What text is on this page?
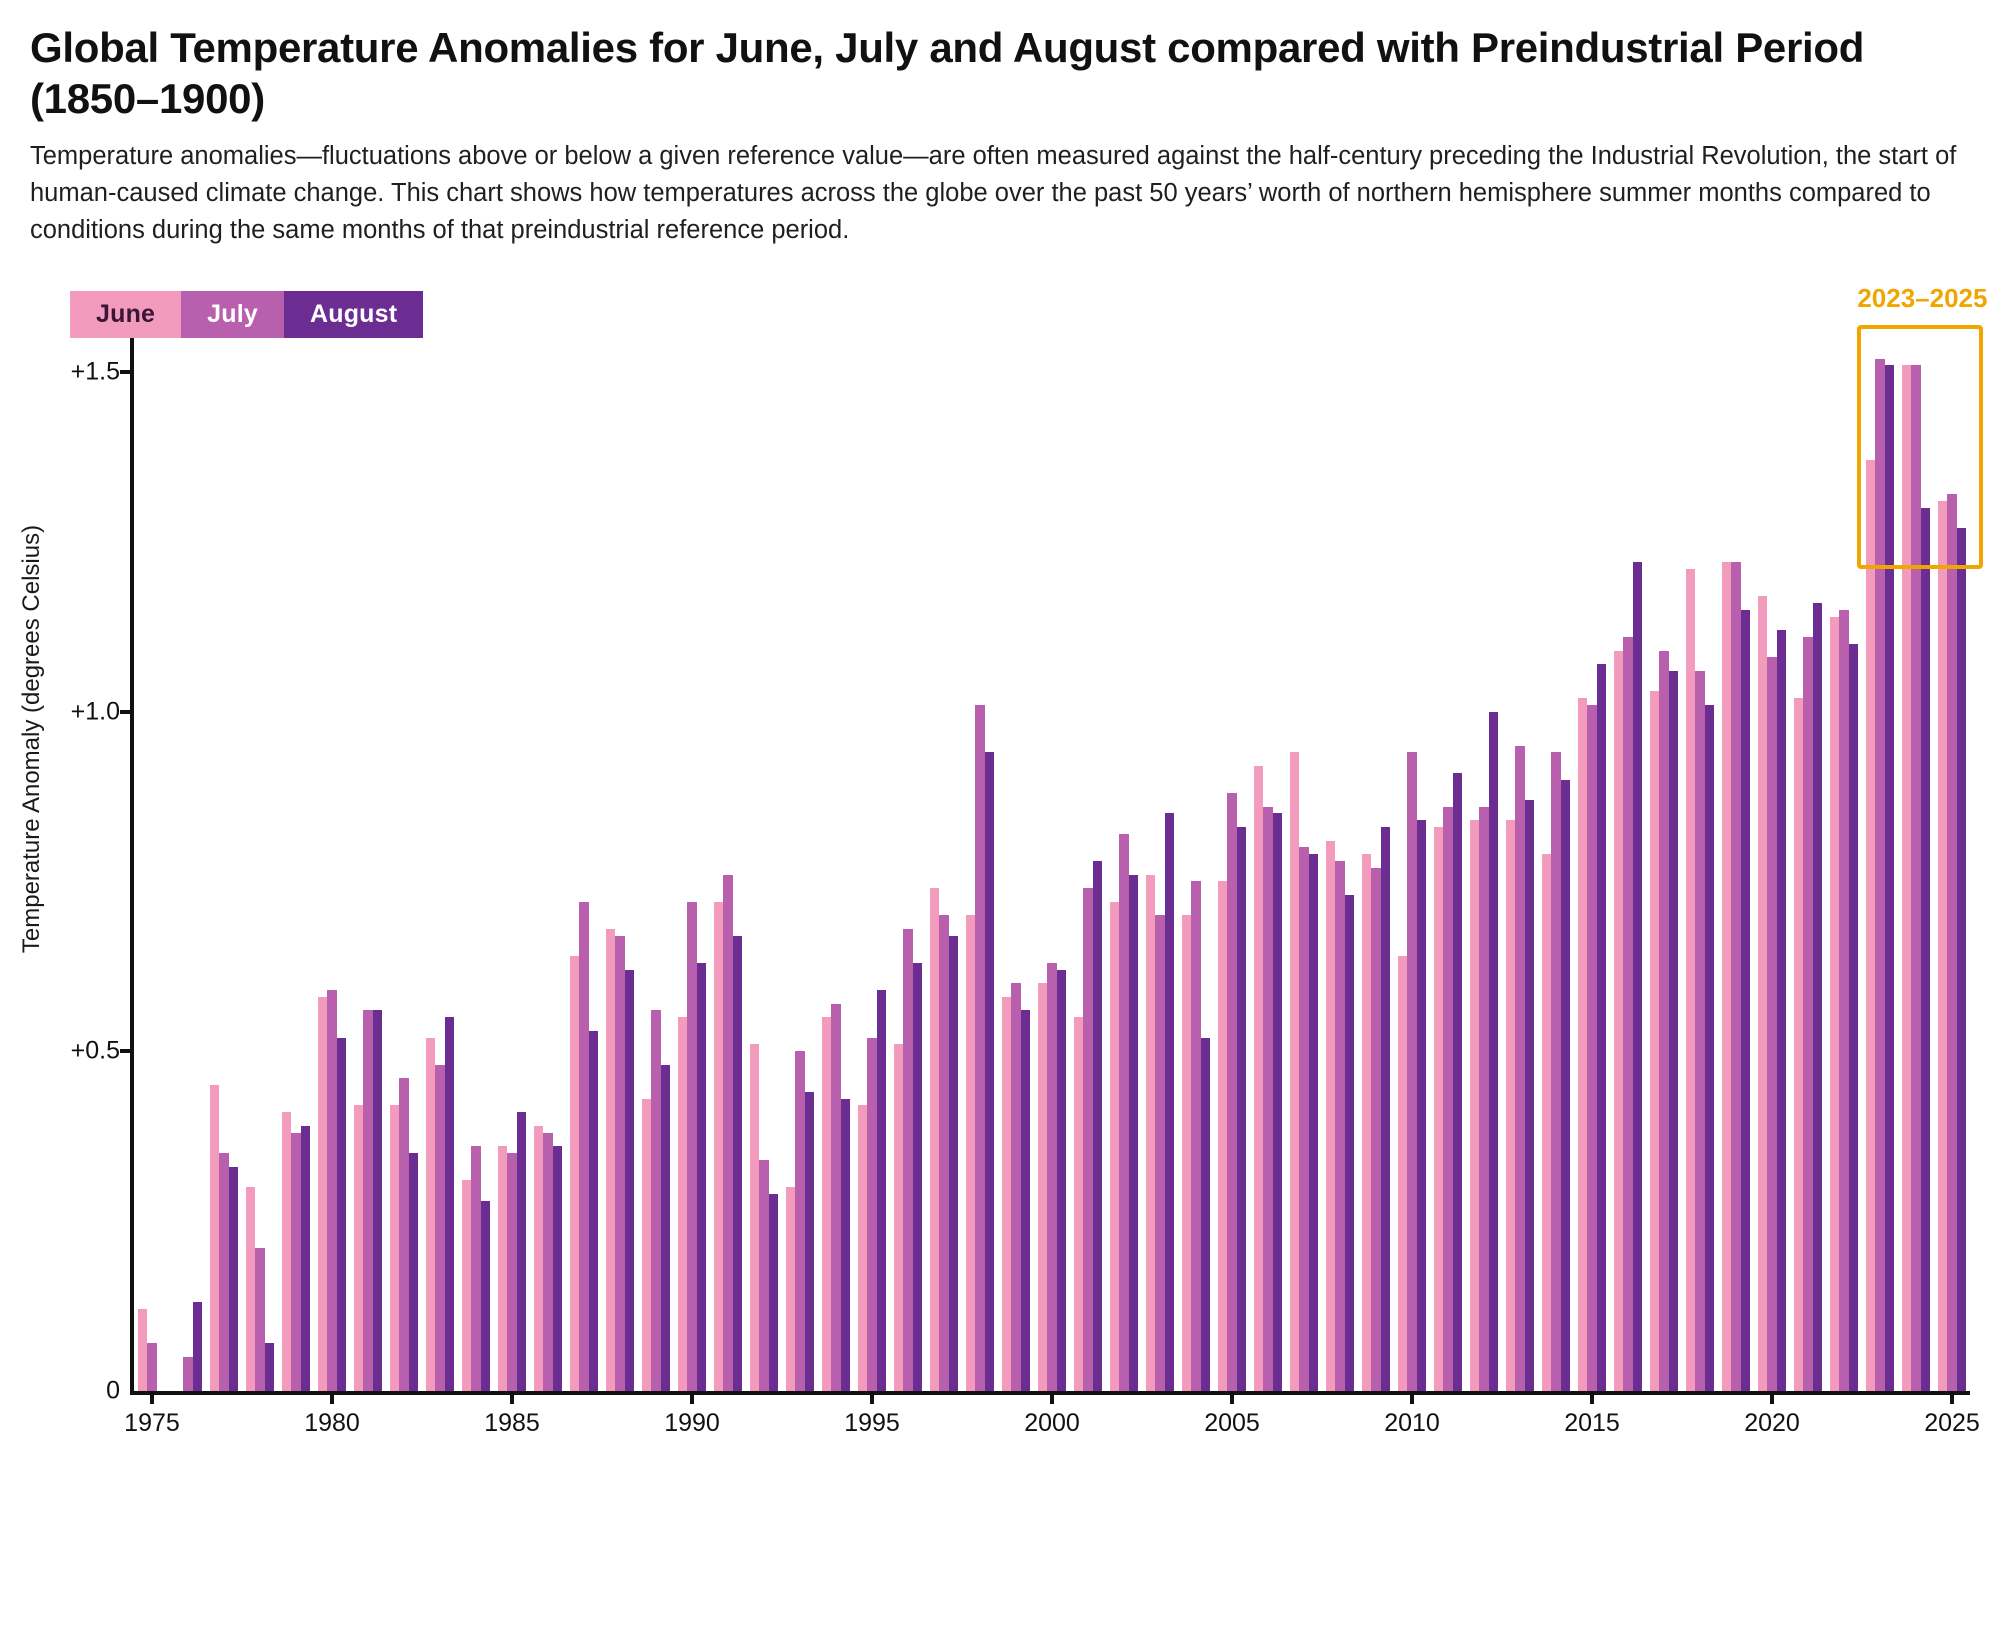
Global Temperature Anomalies for June, July and August compared with Preindustrial Period (1850–1900)

Temperature anomalies—fluctuations above or below a given reference value—are often measured against the half-century preceding the Industrial Revolution, the start of human-caused climate change. This chart shows how temperatures across the globe over the past 50 years’ worth of northern hemisphere summer months compared to conditions during the same months of that preindustrial reference period.

Temperature Anomaly (degrees Celsius)
June	July	August
0
+0.5
+1.0
+1.5
1975	1980	1985	1990	1995	2000	2005	2010	2015	2020	2025
2023–2025
